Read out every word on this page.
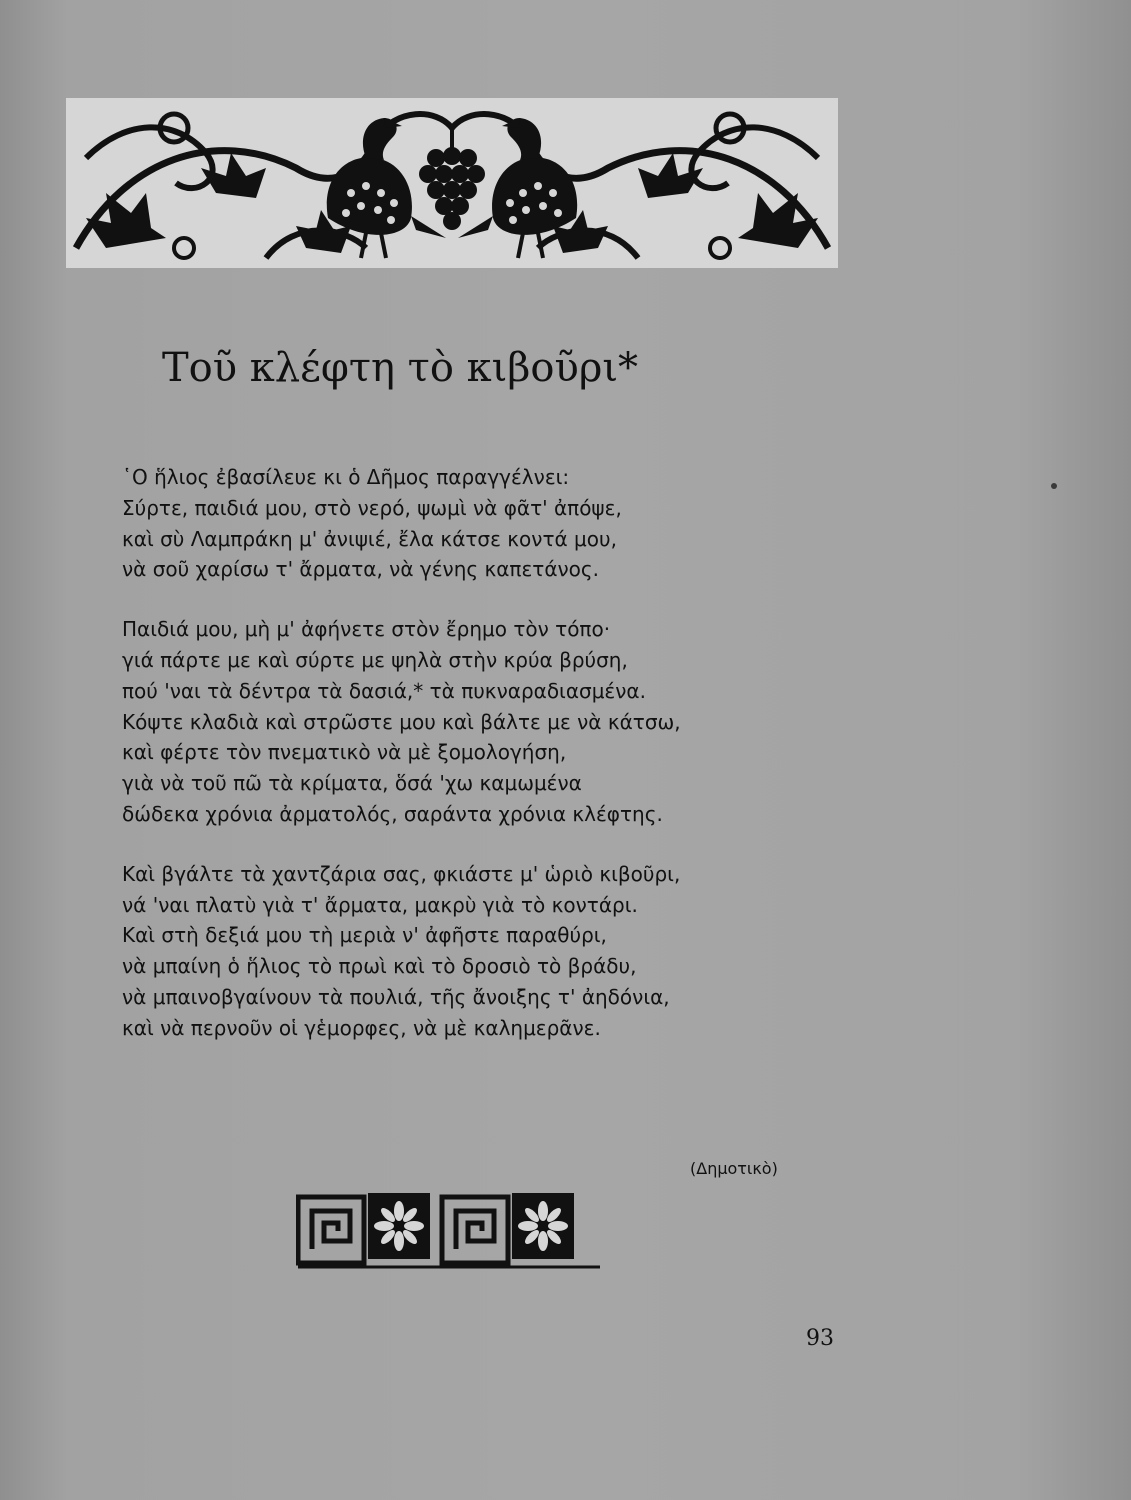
Τοῦ κλέφτη τὸ κιβοῦρι*
῾Ο ἥλιος ἐβασίλευε κι ὁ Δῆμος παραγγέλνει:
Σύρτε, παιδιά μου, στὸ νερό, ψωμὶ νὰ φᾶτ' ἀπόψε,
καὶ σὺ Λαμπράκη μ' ἀνιψιέ, ἔλα κάτσε κοντά μου,
νὰ σοῦ χαρίσω τ' ἄρματα, νὰ γένης καπετάνος.
Παιδιά μου, μὴ μ' ἀφήνετε στὸν ἔρημο τὸν τόπο·
γιά πάρτε με καὶ σύρτε με ψηλὰ στὴν κρύα βρύση,
πού 'ναι τὰ δέντρα τὰ δασιά,* τὰ πυκναραδιασμένα.
Κόψτε κλαδιὰ καὶ στρῶστε μου καὶ βάλτε με νὰ κάτσω,
καὶ φέρτε τὸν πνεματικὸ νὰ μὲ ξομολογήση,
γιὰ νὰ τοῦ πῶ τὰ κρίματα, ὅσά 'χω καμωμένα
δώδεκα χρόνια ἀρματολός, σαράντα χρόνια κλέφτης.
Καὶ βγάλτε τὰ χαντζάρια σας, φκιάστε μ' ὡριὸ κιβοῦρι,
νά 'ναι πλατὺ γιὰ τ' ἄρματα, μακρὺ γιὰ τὸ κοντάρι.
Καὶ στὴ δεξιά μου τὴ μεριὰ ν' ἀφῆστε παραθύρι,
νὰ μπαίνη ὁ ἥλιος τὸ πρωὶ καὶ τὸ δροσιὸ τὸ βράδυ,
νὰ μπαινοβγαίνουν τὰ πουλιά, τῆς ἄνοιξης τ' ἀηδόνια,
καὶ νὰ περνοῦν οἱ γἑμορφες, νὰ μὲ καλημερᾶνε.
(Δημοτικὸ)
93
